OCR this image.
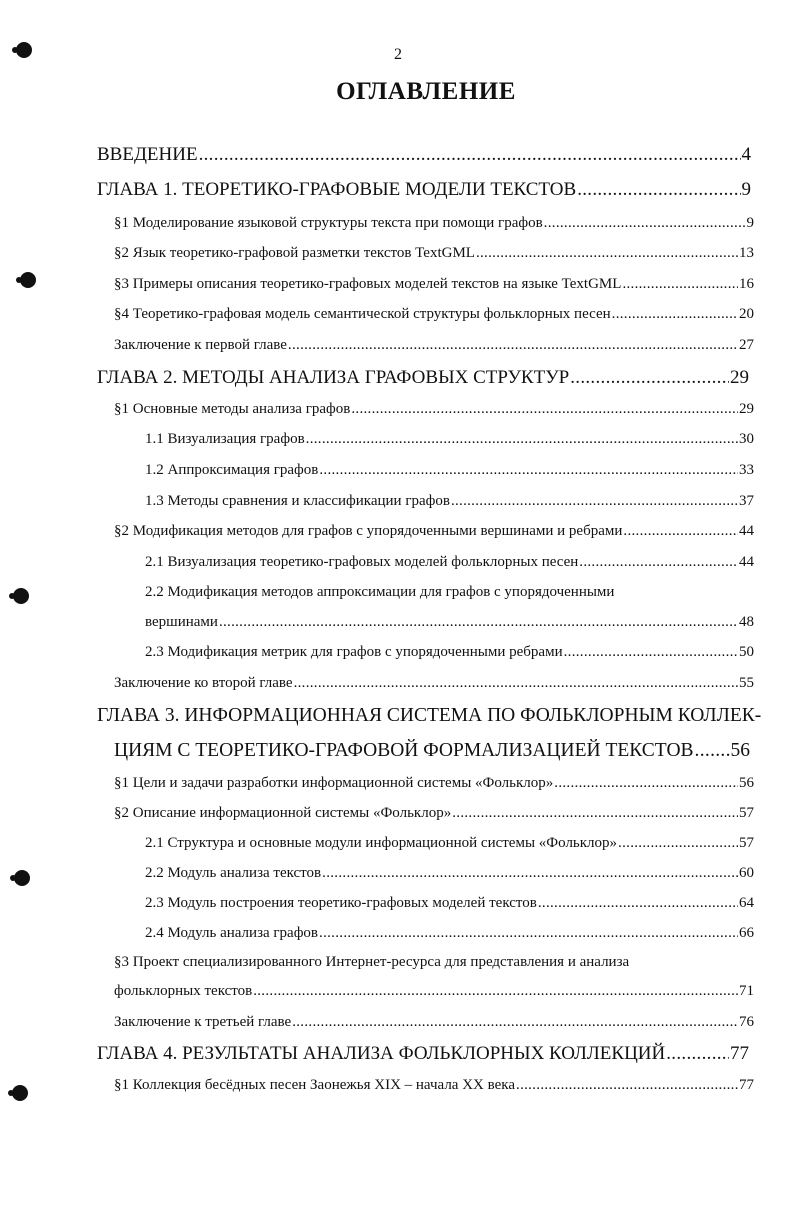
2
ОГЛАВЛЕНИЕ
ВВЕДЕНИЕ .....	4
ГЛАВА 1. ТЕОРЕТИКО-ГРАФОВЫЕ МОДЕЛИ ТЕКСТОВ .....	9
§1 Моделирование языковой структуры текста при помощи графов .....	9
§2 Язык теоретико-графовой разметки текстов TextGML .....	13
§3 Примеры описания теоретико-графовых моделей текстов на языке TextGML .....	16
§4 Теоретико-графовая модель семантической структуры фольклорных песен .....	20
Заключение к первой главе .....	27
ГЛАВА 2. МЕТОДЫ АНАЛИЗА ГРАФОВЫХ СТРУКТУР .....	29
§1 Основные методы анализа графов .....	29
1.1 Визуализация графов .....	30
1.2 Аппроксимация графов .....	33
1.3 Методы сравнения и классификации графов .....	37
§2 Модификация методов для графов с упорядоченными вершинами и ребрами .....	44
2.1 Визуализация теоретико-графовых моделей фольклорных песен .....	44
2.2 Модификация методов аппроксимации для графов с упорядоченными
вершинами .....	48
2.3 Модификация метрик для графов с упорядоченными ребрами .....	50
Заключение ко второй главе .....	55
ГЛАВА 3. ИНФОРМАЦИОННАЯ СИСТЕМА ПО ФОЛЬКЛОРНЫМ КОЛЛЕК-
ЦИЯМ С ТЕОРЕТИКО-ГРАФОВОЙ ФОРМАЛИЗАЦИЕЙ ТЕКСТОВ ..... 56
§1 Цели и задачи разработки информационной системы «Фольклор» .....	56
§2 Описание информационной системы «Фольклор» .....	57
2.1 Структура и основные модули информационной системы «Фольклор» .....	57
2.2 Модуль анализа текстов .....	60
2.3 Модуль построения теоретико-графовых моделей текстов .....	64
2.4 Модуль анализа графов .....	66
§3 Проект специализированного Интернет-ресурса для представления и анализа
фольклорных текстов .....	71
Заключение к третьей главе .....	76
ГЛАВА 4. РЕЗУЛЬТАТЫ АНАЛИЗА ФОЛЬКЛОРНЫХ КОЛЛЕКЦИЙ .....	77
§1 Коллекция бесёдных песен Заонежья XIX – начала XX века .....	77
